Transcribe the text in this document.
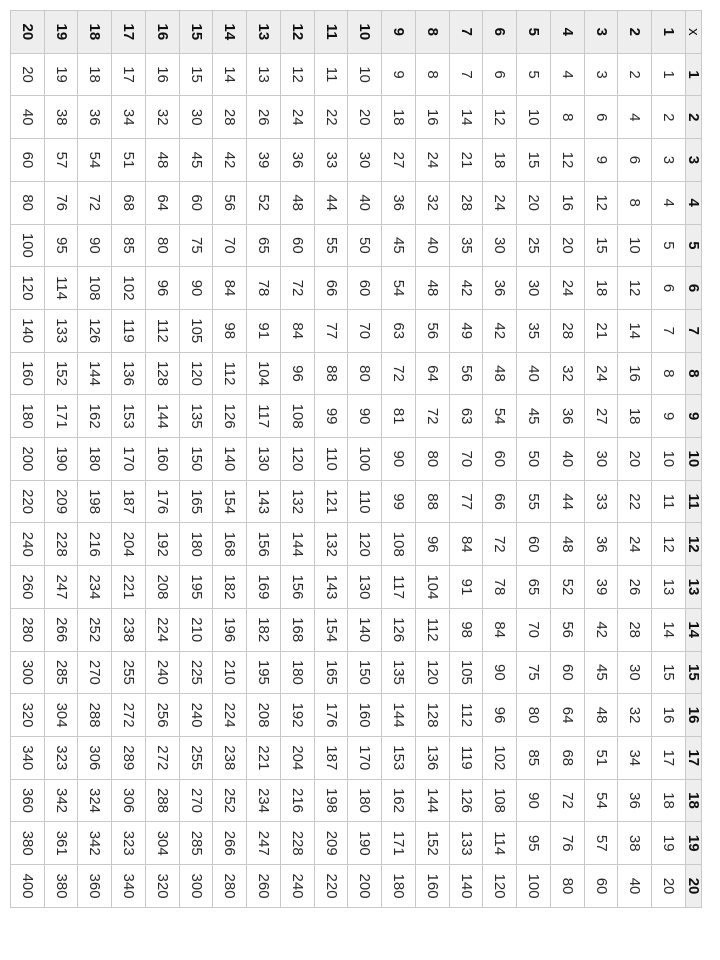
x	1	2	3	4	5	6	7	8	9	10	11	12	13	14	15	16	17	18	19	20
1	1	2	3	4	5	6	7	8	9	10	11	12	13	14	15	16	17	18	19	20
2	2	4	6	8	10	12	14	16	18	20	22	24	26	28	30	32	34	36	38	40
3	3	6	9	12	15	18	21	24	27	30	33	36	39	42	45	48	51	54	57	60
4	4	8	12	16	20	24	28	32	36	40	44	48	52	56	60	64	68	72	76	80
5	5	10	15	20	25	30	35	40	45	50	55	60	65	70	75	80	85	90	95	100
6	6	12	18	24	30	36	42	48	54	60	66	72	78	84	90	96	102	108	114	120
7	7	14	21	28	35	42	49	56	63	70	77	84	91	98	105	112	119	126	133	140
8	8	16	24	32	40	48	56	64	72	80	88	96	104	112	120	128	136	144	152	160
9	9	18	27	36	45	54	63	72	81	90	99	108	117	126	135	144	153	162	171	180
10	10	20	30	40	50	60	70	80	90	100	110	120	130	140	150	160	170	180	190	200
11	11	22	33	44	55	66	77	88	99	110	121	132	143	154	165	176	187	198	209	220
12	12	24	36	48	60	72	84	96	108	120	132	144	156	168	180	192	204	216	228	240
13	13	26	39	52	65	78	91	104	117	130	143	156	169	182	195	208	221	234	247	260
14	14	28	42	56	70	84	98	112	126	140	154	168	182	196	210	224	238	252	266	280
15	15	30	45	60	75	90	105	120	135	150	165	180	195	210	225	240	255	270	285	300
16	16	32	48	64	80	96	112	128	144	160	176	192	208	224	240	256	272	288	304	320
17	17	34	51	68	85	102	119	136	153	170	187	204	221	238	255	272	289	306	323	340
18	18	36	54	72	90	108	126	144	162	180	198	216	234	252	270	288	306	324	342	360
19	19	38	57	76	95	114	133	152	171	190	209	228	247	266	285	304	323	342	361	380
20	20	40	60	80	100	120	140	160	180	200	220	240	260	280	300	320	340	360	380	400
